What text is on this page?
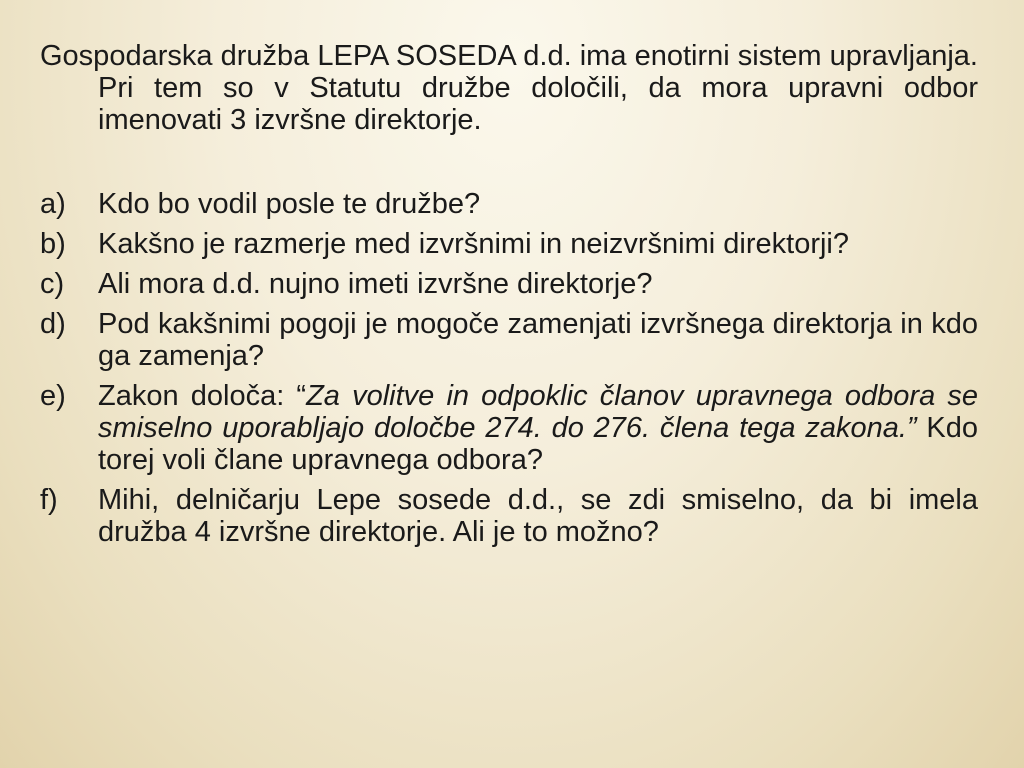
Gospodarska družba LEPA SOSEDA d.d. ima enotirni sistem upravljanja. Pri tem so v Statutu družbe določili, da mora upravni odbor imenovati 3 izvršne direktorje.

a)	Kdo bo vodil posle te družbe?
b)	Kakšno je razmerje med izvršnimi in neizvršnimi direktorji?
c)	Ali mora d.d. nujno imeti izvršne direktorje?
d)	Pod kakšnimi pogoji je mogoče zamenjati izvršnega direktorja in kdo ga zamenja?
e)	Zakon določa: “Za volitve in odpoklic članov upravnega odbora se smiselno uporabljajo določbe 274. do 276. člena tega zakona.” Kdo torej voli člane upravnega odbora?
f)	Mihi, delničarju Lepe sosede d.d., se zdi smiselno, da bi imela družba 4 izvršne direktorje. Ali je to možno?
